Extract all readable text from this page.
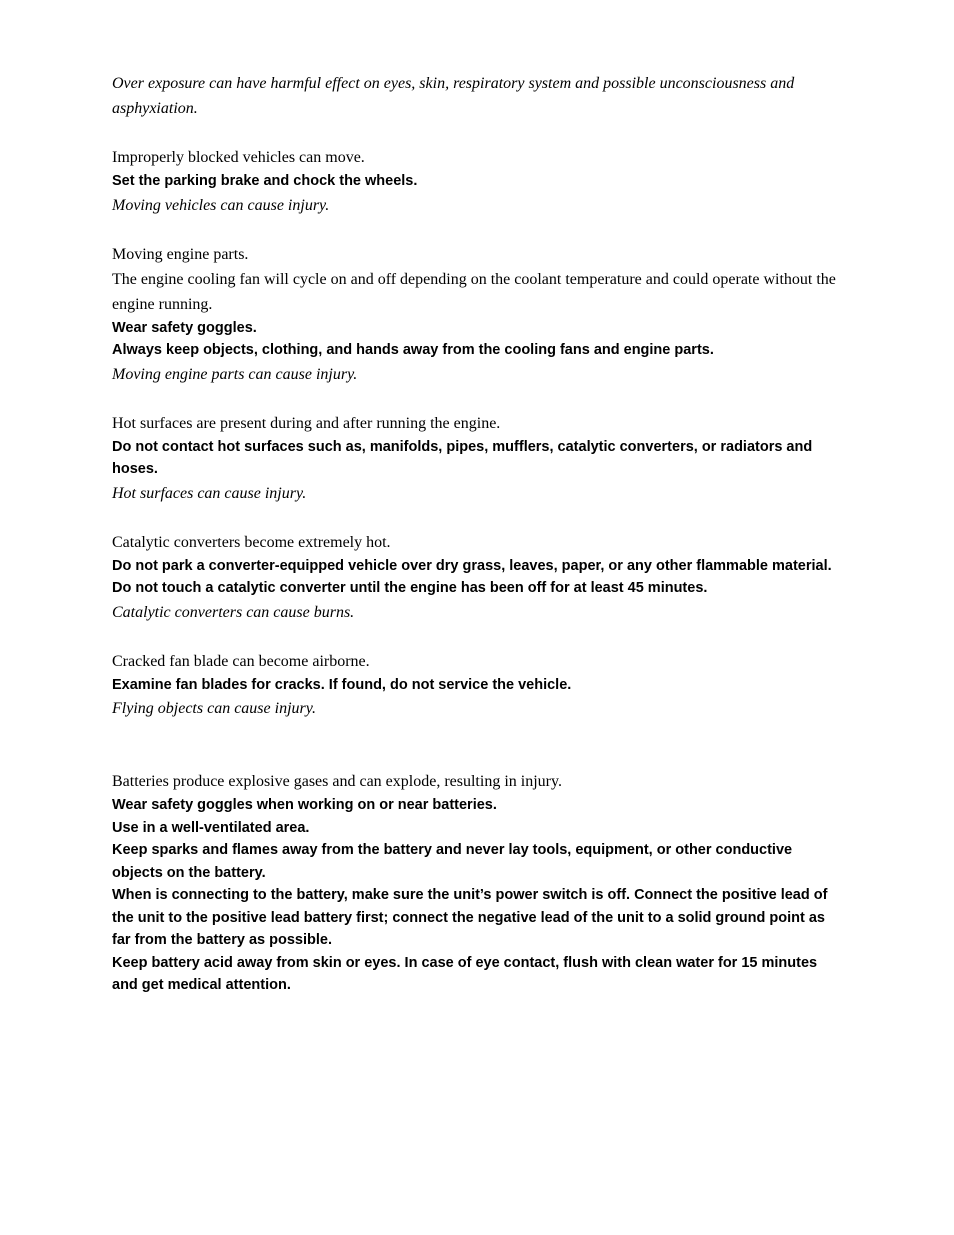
Over exposure can have harmful effect on eyes, skin, respiratory system and possible unconsciousness and asphyxiation.

Improperly blocked vehicles can move.

Set the parking brake and chock the wheels.

Moving vehicles can cause injury.

Moving engine parts.

The engine cooling fan will cycle on and off depending on the coolant temperature and could operate without the engine running.

Wear safety goggles.

Always keep objects, clothing, and hands away from the cooling fans and engine parts.

Moving engine parts can cause injury.

Hot surfaces are present during and after running the engine.

Do not contact hot surfaces such as, manifolds, pipes, mufflers, catalytic converters, or radiators and hoses.

Hot surfaces can cause injury.

Catalytic converters become extremely hot.

Do not park a converter-equipped vehicle over dry grass, leaves, paper, or any other flammable material.

Do not touch a catalytic converter until the engine has been off for at least 45 minutes.

Catalytic converters can cause burns.

Cracked fan blade can become airborne.

Examine fan blades for cracks. If found, do not service the vehicle.

Flying objects can cause injury.

Batteries produce explosive gases and can explode, resulting in injury.

Wear safety goggles when working on or near batteries.

Use in a well-ventilated area.

Keep sparks and flames away from the battery and never lay tools, equipment, or other conductive objects on the battery.

When is connecting to the battery, make sure the unit’s power switch is off. Connect the positive lead of the unit to the positive lead battery first; connect the negative lead of the unit to a solid ground point as far from the battery as possible.

Keep battery acid away from skin or eyes. In case of eye contact, flush with clean water for 15 minutes and get medical attention.
